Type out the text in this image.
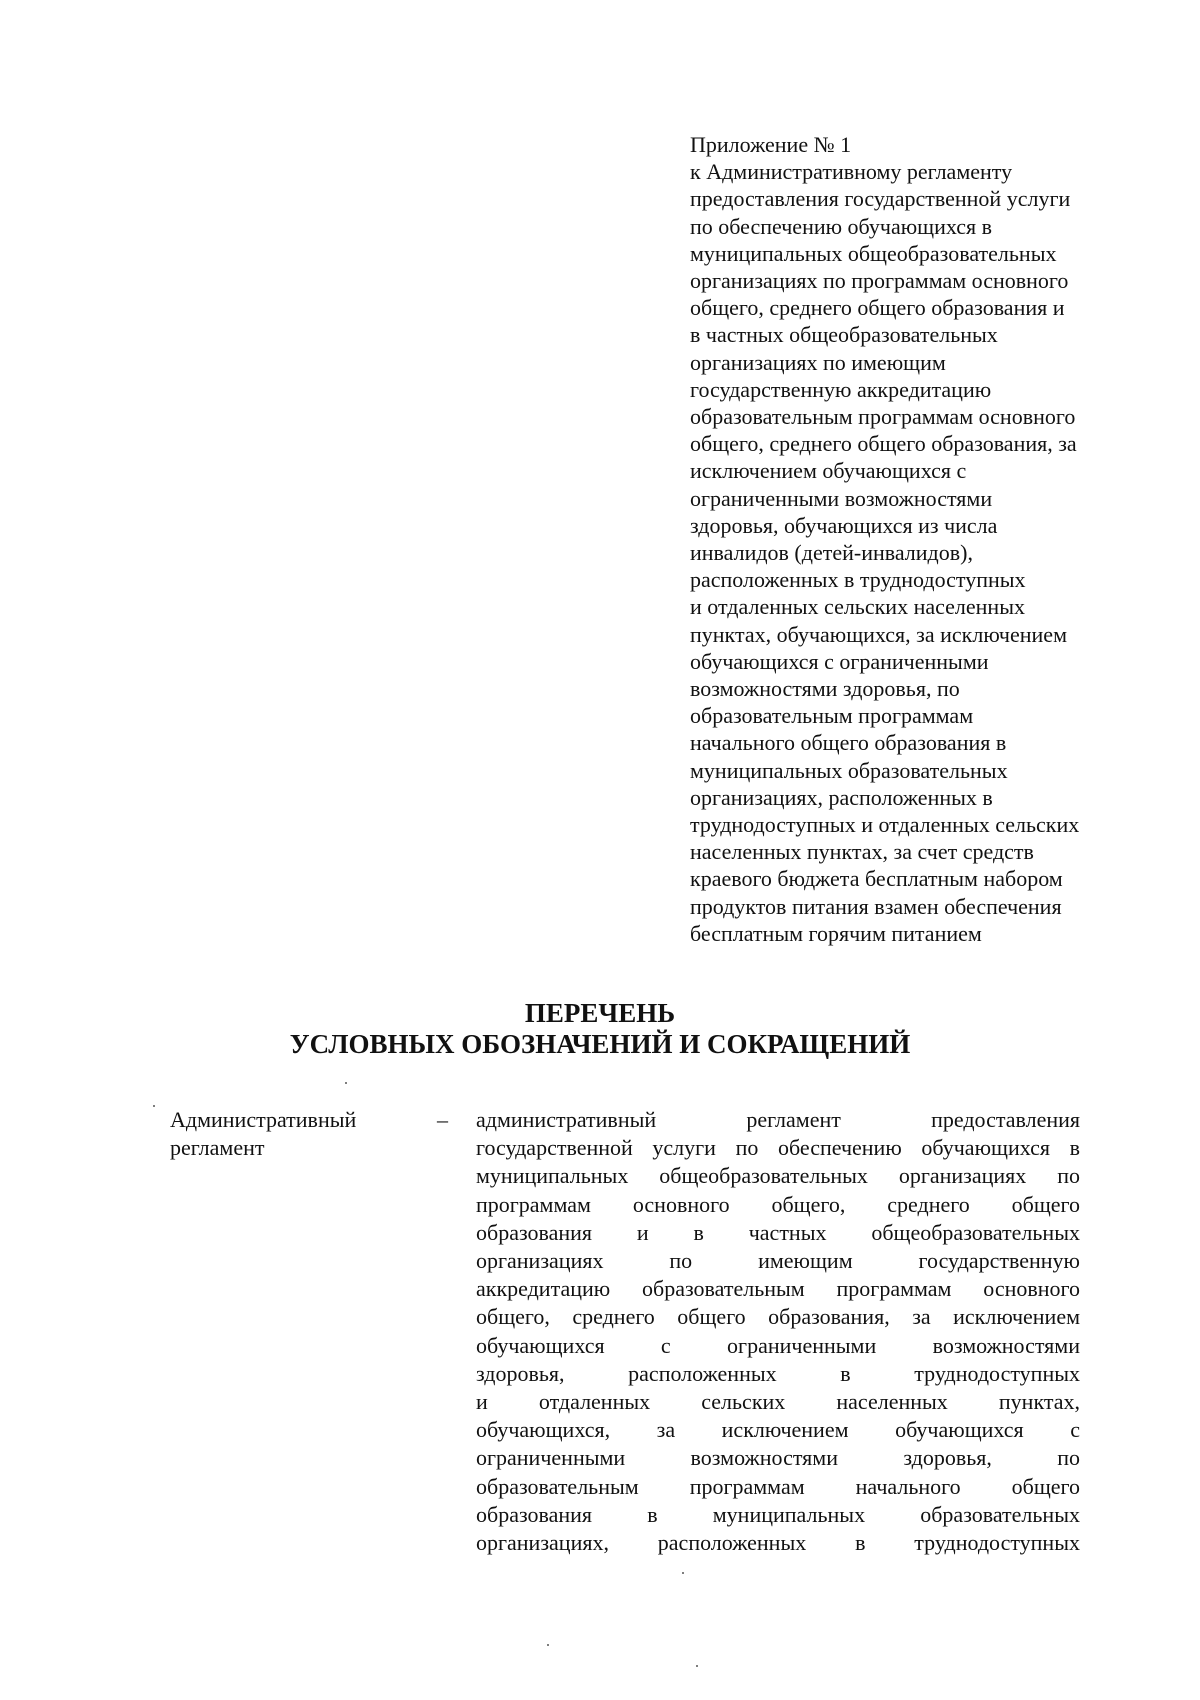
Приложение № 1
к Административному регламенту
предоставления государственной услуги
по обеспечению обучающихся в
муниципальных общеобразовательных
организациях по программам основного
общего, среднего общего образования и
в частных общеобразовательных
организациях по имеющим
государственную аккредитацию
образовательным программам основного
общего, среднего общего образования, за
исключением обучающихся с
ограниченными возможностями
здоровья, обучающихся из числа
инвалидов (детей-инвалидов),
расположенных в труднодоступных
и отдаленных сельских населенных
пунктах, обучающихся, за исключением
обучающихся с ограниченными
возможностями здоровья, по
образовательным программам
начального общего образования в
муниципальных образовательных
организациях, расположенных в
труднодоступных и отдаленных сельских
населенных пунктах, за счет средств
краевого бюджета бесплатным набором
продуктов питания взамен обеспечения
бесплатным горячим питанием
ПЕРЕЧЕНЬ
УСЛОВНЫХ ОБОЗНАЧЕНИЙ И СОКРАЩЕНИЙ
Административный
регламент
– административный регламент предоставления
государственной услуги по обеспечению обучающихся в
муниципальных общеобразовательных организациях по
программам основного общего, среднего общего
образования и в частных общеобразовательных
организациях по имеющим государственную
аккредитацию образовательным программам основного
общего, среднего общего образования, за исключением
обучающихся с ограниченными возможностями
здоровья, расположенных в труднодоступных
и отдаленных сельских населенных пунктах,
обучающихся, за исключением обучающихся с
ограниченными возможностями здоровья, по
образовательным программам начального общего
образования в муниципальных образовательных
организациях, расположенных в труднодоступных
